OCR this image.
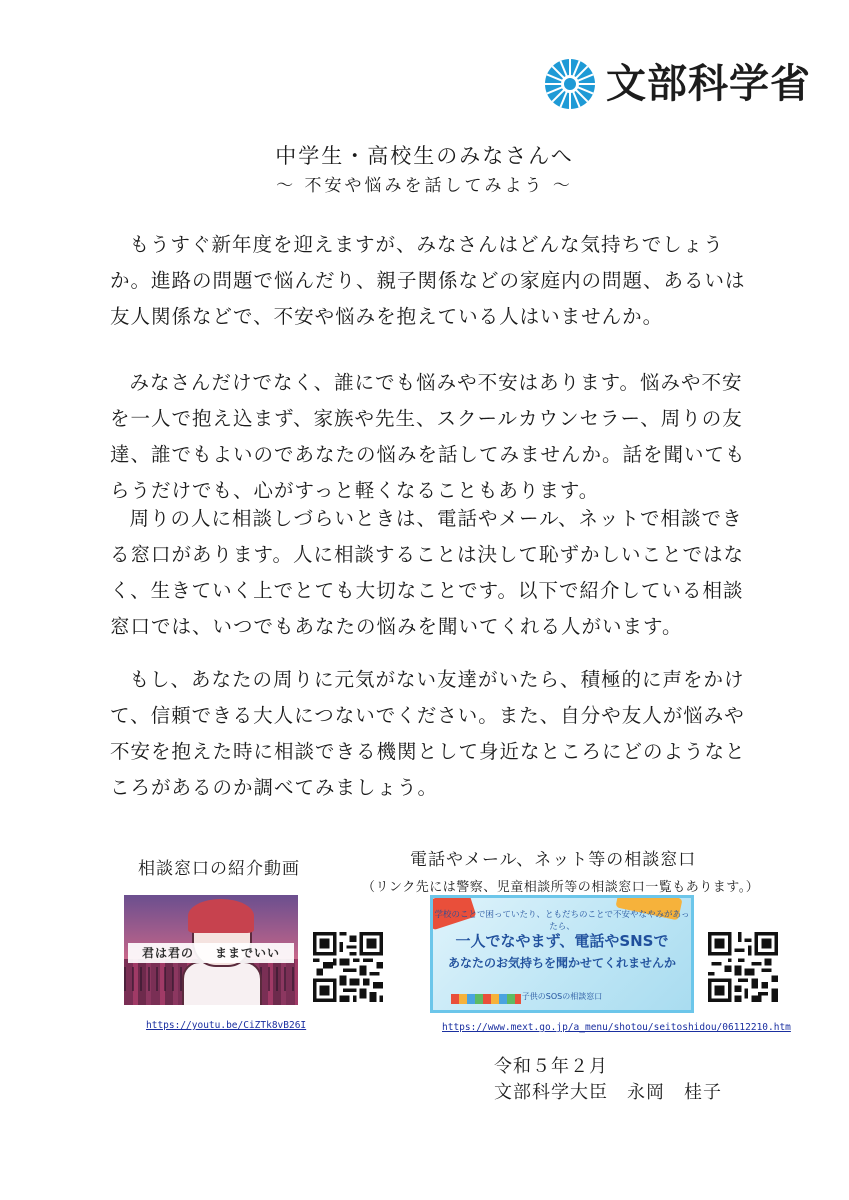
文部科学省
中学生・高校生のみなさんへ
～ 不安や悩みを話してみよう ～

もうすぐ新年度を迎えますが、みなさんはどんな気持ちでしょうか。進路の問題で悩んだり、親子関係などの家庭内の問題、あるいは友人関係などで、不安や悩みを抱えている人はいませんか。

みなさんだけでなく、誰にでも悩みや不安はあります。悩みや不安を一人で抱え込まず、家族や先生、スクールカウンセラー、周りの友達、誰でもよいのであなたの悩みを話してみませんか。話を聞いてもらうだけでも、心がすっと軽くなることもあります。

周りの人に相談しづらいときは、電話やメール、ネットで相談できる窓口があります。人に相談することは決して恥ずかしいことではなく、生きていく上でとても大切なことです。以下で紹介している相談窓口では、いつでもあなたの悩みを聞いてくれる人がいます。

もし、あなたの周りに元気がない友達がいたら、積極的に声をかけて、信頼できる大人につないでください。また、自分や友人が悩みや不安を抱えた時に相談できる機関として身近なところにどのようなところがあるのか調べてみましょう。

相談窓口の紹介動画	電話やメール、ネット等の相談窓口
（リンク先には警察、児童相談所等の相談窓口一覧もあります。）
君は君の ままでいい
学校のことで困っていたり、ともだちのことで不安やなやみがあったら、
一人でなやまず、電話やSNSで
あなたのお気持ちを聞かせてくれませんか
子供のSOSの相談窓口
https://youtu.be/CiZTk8vB26I	https://www.mext.go.jp/a_menu/shotou/seitoshidou/06112210.htm
令和５年２月
文部科学大臣　永岡　桂子
